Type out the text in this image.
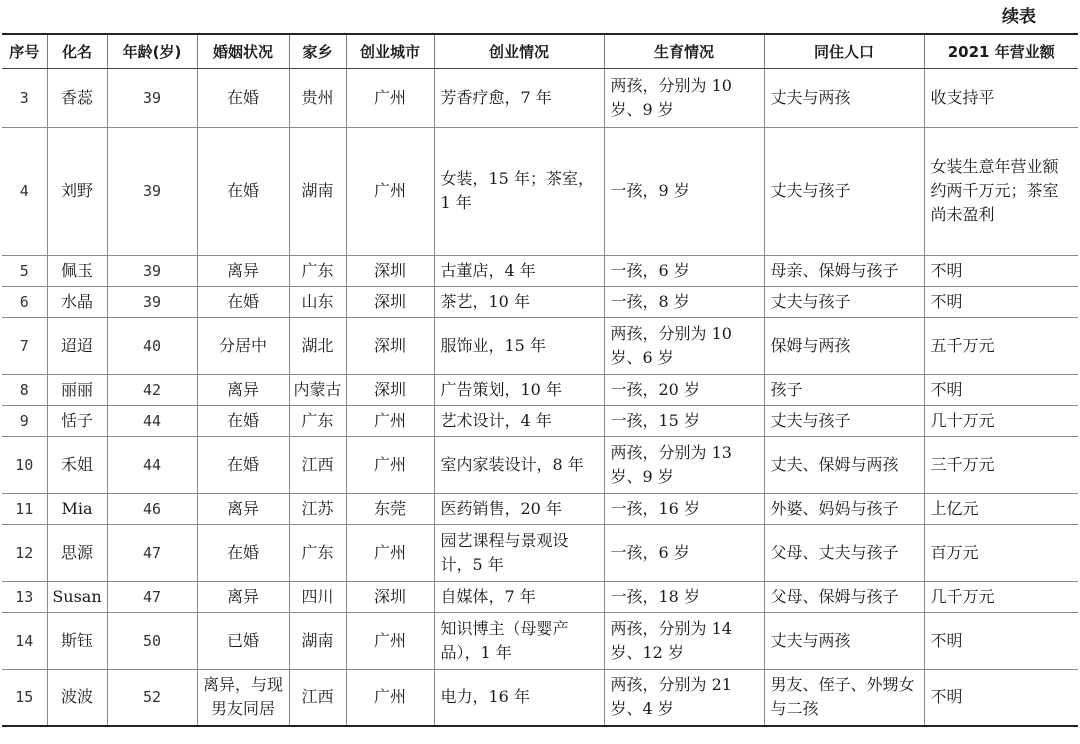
续表
序号	化名	年龄(岁)	婚姻状况	家乡	创业城市	创业情况	生育情况	同住人口	2021 年营业额
3	香蕊	39	在婚	贵州	广州	芳香疗愈，7 年	两孩，分别为 10 岁、9 岁	丈夫与两孩	收支持平
4	刘野	39	在婚	湖南	广州	女装，15 年；茶室，1 年	一孩，9 岁	丈夫与孩子	女装生意年营业额约两千万元；茶室尚未盈利
5	佩玉	39	离异	广东	深圳	古董店，4 年	一孩，6 岁	母亲、保姆与孩子	不明
6	水晶	39	在婚	山东	深圳	茶艺，10 年	一孩，8 岁	丈夫与孩子	不明
7	迢迢	40	分居中	湖北	深圳	服饰业，15 年	两孩，分别为 10 岁、6 岁	保姆与两孩	五千万元
8	丽丽	42	离异	内蒙古	深圳	广告策划，10 年	一孩，20 岁	孩子	不明
9	恬子	44	在婚	广东	广州	艺术设计，4 年	一孩，15 岁	丈夫与孩子	几十万元
10	禾姐	44	在婚	江西	广州	室内家装设计，8 年	两孩，分别为 13 岁、9 岁	丈夫、保姆与两孩	三千万元
11	Mia	46	离异	江苏	东莞	医药销售，20 年	一孩，16 岁	外婆、妈妈与孩子	上亿元
12	思源	47	在婚	广东	广州	园艺课程与景观设计，5 年	一孩，6 岁	父母、丈夫与孩子	百万元
13	Susan	47	离异	四川	深圳	自媒体，7 年	一孩，18 岁	父母、保姆与孩子	几千万元
14	斯钰	50	已婚	湖南	广州	知识博主（母婴产品），1 年	两孩，分别为 14 岁、12 岁	丈夫与两孩	不明
15	波波	52	离异，与现男友同居	江西	广州	电力，16 年	两孩，分别为 21 岁、4 岁	男友、侄子、外甥女与二孩	不明
